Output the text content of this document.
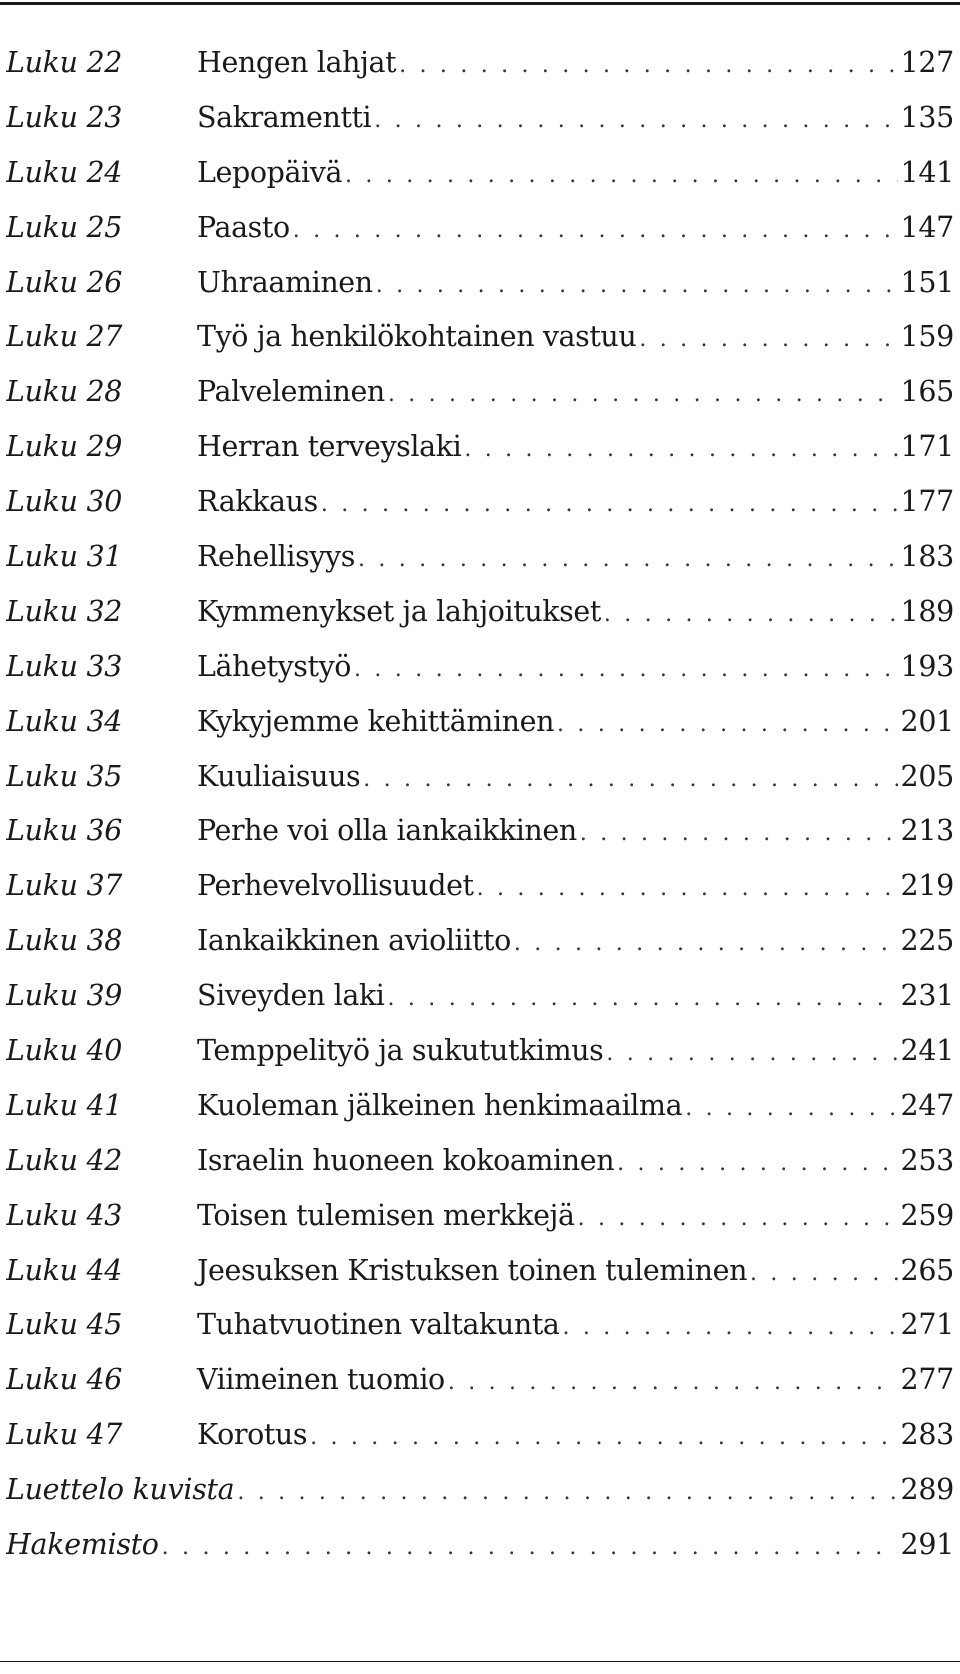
Luku 22	Hengen lahjat . . .	127
Luku 23	Sakramentti . . .	135
Luku 24	Lepopäivä . . .	141
Luku 25	Paasto . . .	147
Luku 26	Uhraaminen . . .	151
Luku 27	Työ ja henkilökohtainen vastuu . . .	159
Luku 28	Palveleminen . . .	165
Luku 29	Herran terveyslaki . . .	171
Luku 30	Rakkaus . . .	177
Luku 31	Rehellisyys . . .	183
Luku 32	Kymmenykset ja lahjoitukset . . .	189
Luku 33	Lähetystyö . . .	193
Luku 34	Kykyjemme kehittäminen . . .	201
Luku 35	Kuuliaisuus . . .	205
Luku 36	Perhe voi olla iankaikkinen . . .	213
Luku 37	Perhevelvollisuudet . . .	219
Luku 38	Iankaikkinen avioliitto . . .	225
Luku 39	Siveyden laki . . .	231
Luku 40	Temppelityö ja sukututkimus . . .	241
Luku 41	Kuoleman jälkeinen henkimaailma . . .	247
Luku 42	Israelin huoneen kokoaminen . . .	253
Luku 43	Toisen tulemisen merkkejä . . .	259
Luku 44	Jeesuksen Kristuksen toinen tuleminen . . .	265
Luku 45	Tuhatvuotinen valtakunta . . .	271
Luku 46	Viimeinen tuomio . . .	277
Luku 47	Korotus . . .	283
Luettelo kuvista . . .	289
Hakemisto . . .	291
